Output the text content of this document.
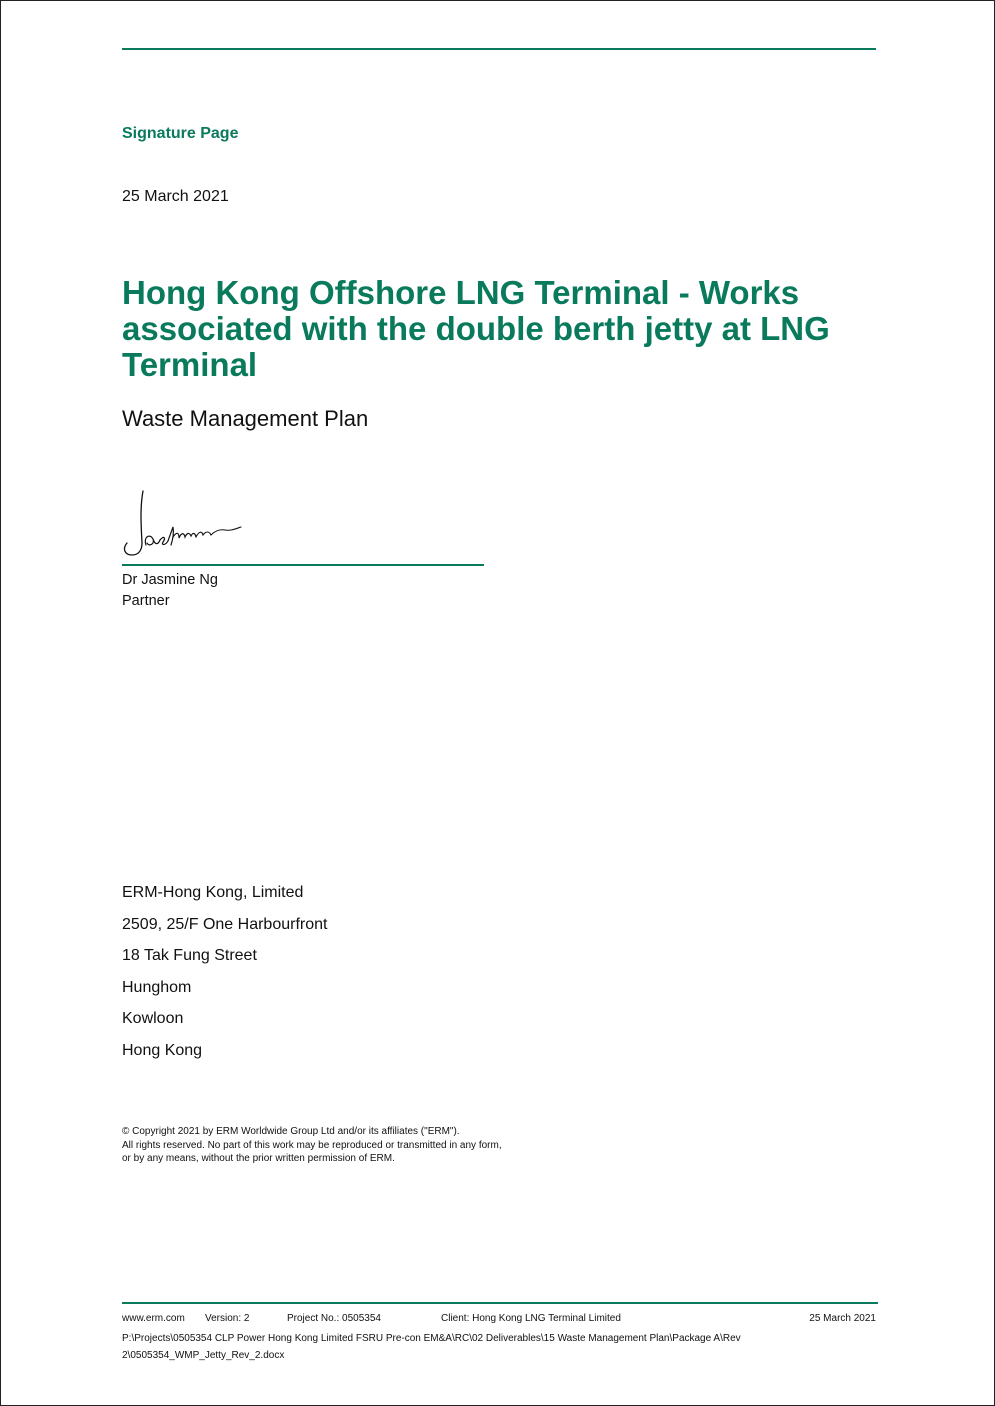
Signature Page
25 March 2021
Hong Kong Offshore LNG Terminal - Works associated with the double berth jetty at LNG Terminal
Waste Management Plan
Dr Jasmine Ng
Partner
ERM-Hong Kong, Limited
2509, 25/F One Harbourfront
18 Tak Fung Street
Hunghom
Kowloon
Hong Kong
© Copyright 2021 by ERM Worldwide Group Ltd and/or its affiliates ("ERM").
All rights reserved. No part of this work may be reproduced or transmitted in any form,
or by any means, without the prior written permission of ERM.
www.erm.com Version: 2	Project No.: 0505354	Client: Hong Kong LNG Terminal Limited	25 March 2021
P:\Projects\0505354 CLP Power Hong Kong Limited FSRU Pre-con EM&A\RC\02 Deliverables\15 Waste Management Plan\Package A\Rev
2\0505354_WMP_Jetty_Rev_2.docx
